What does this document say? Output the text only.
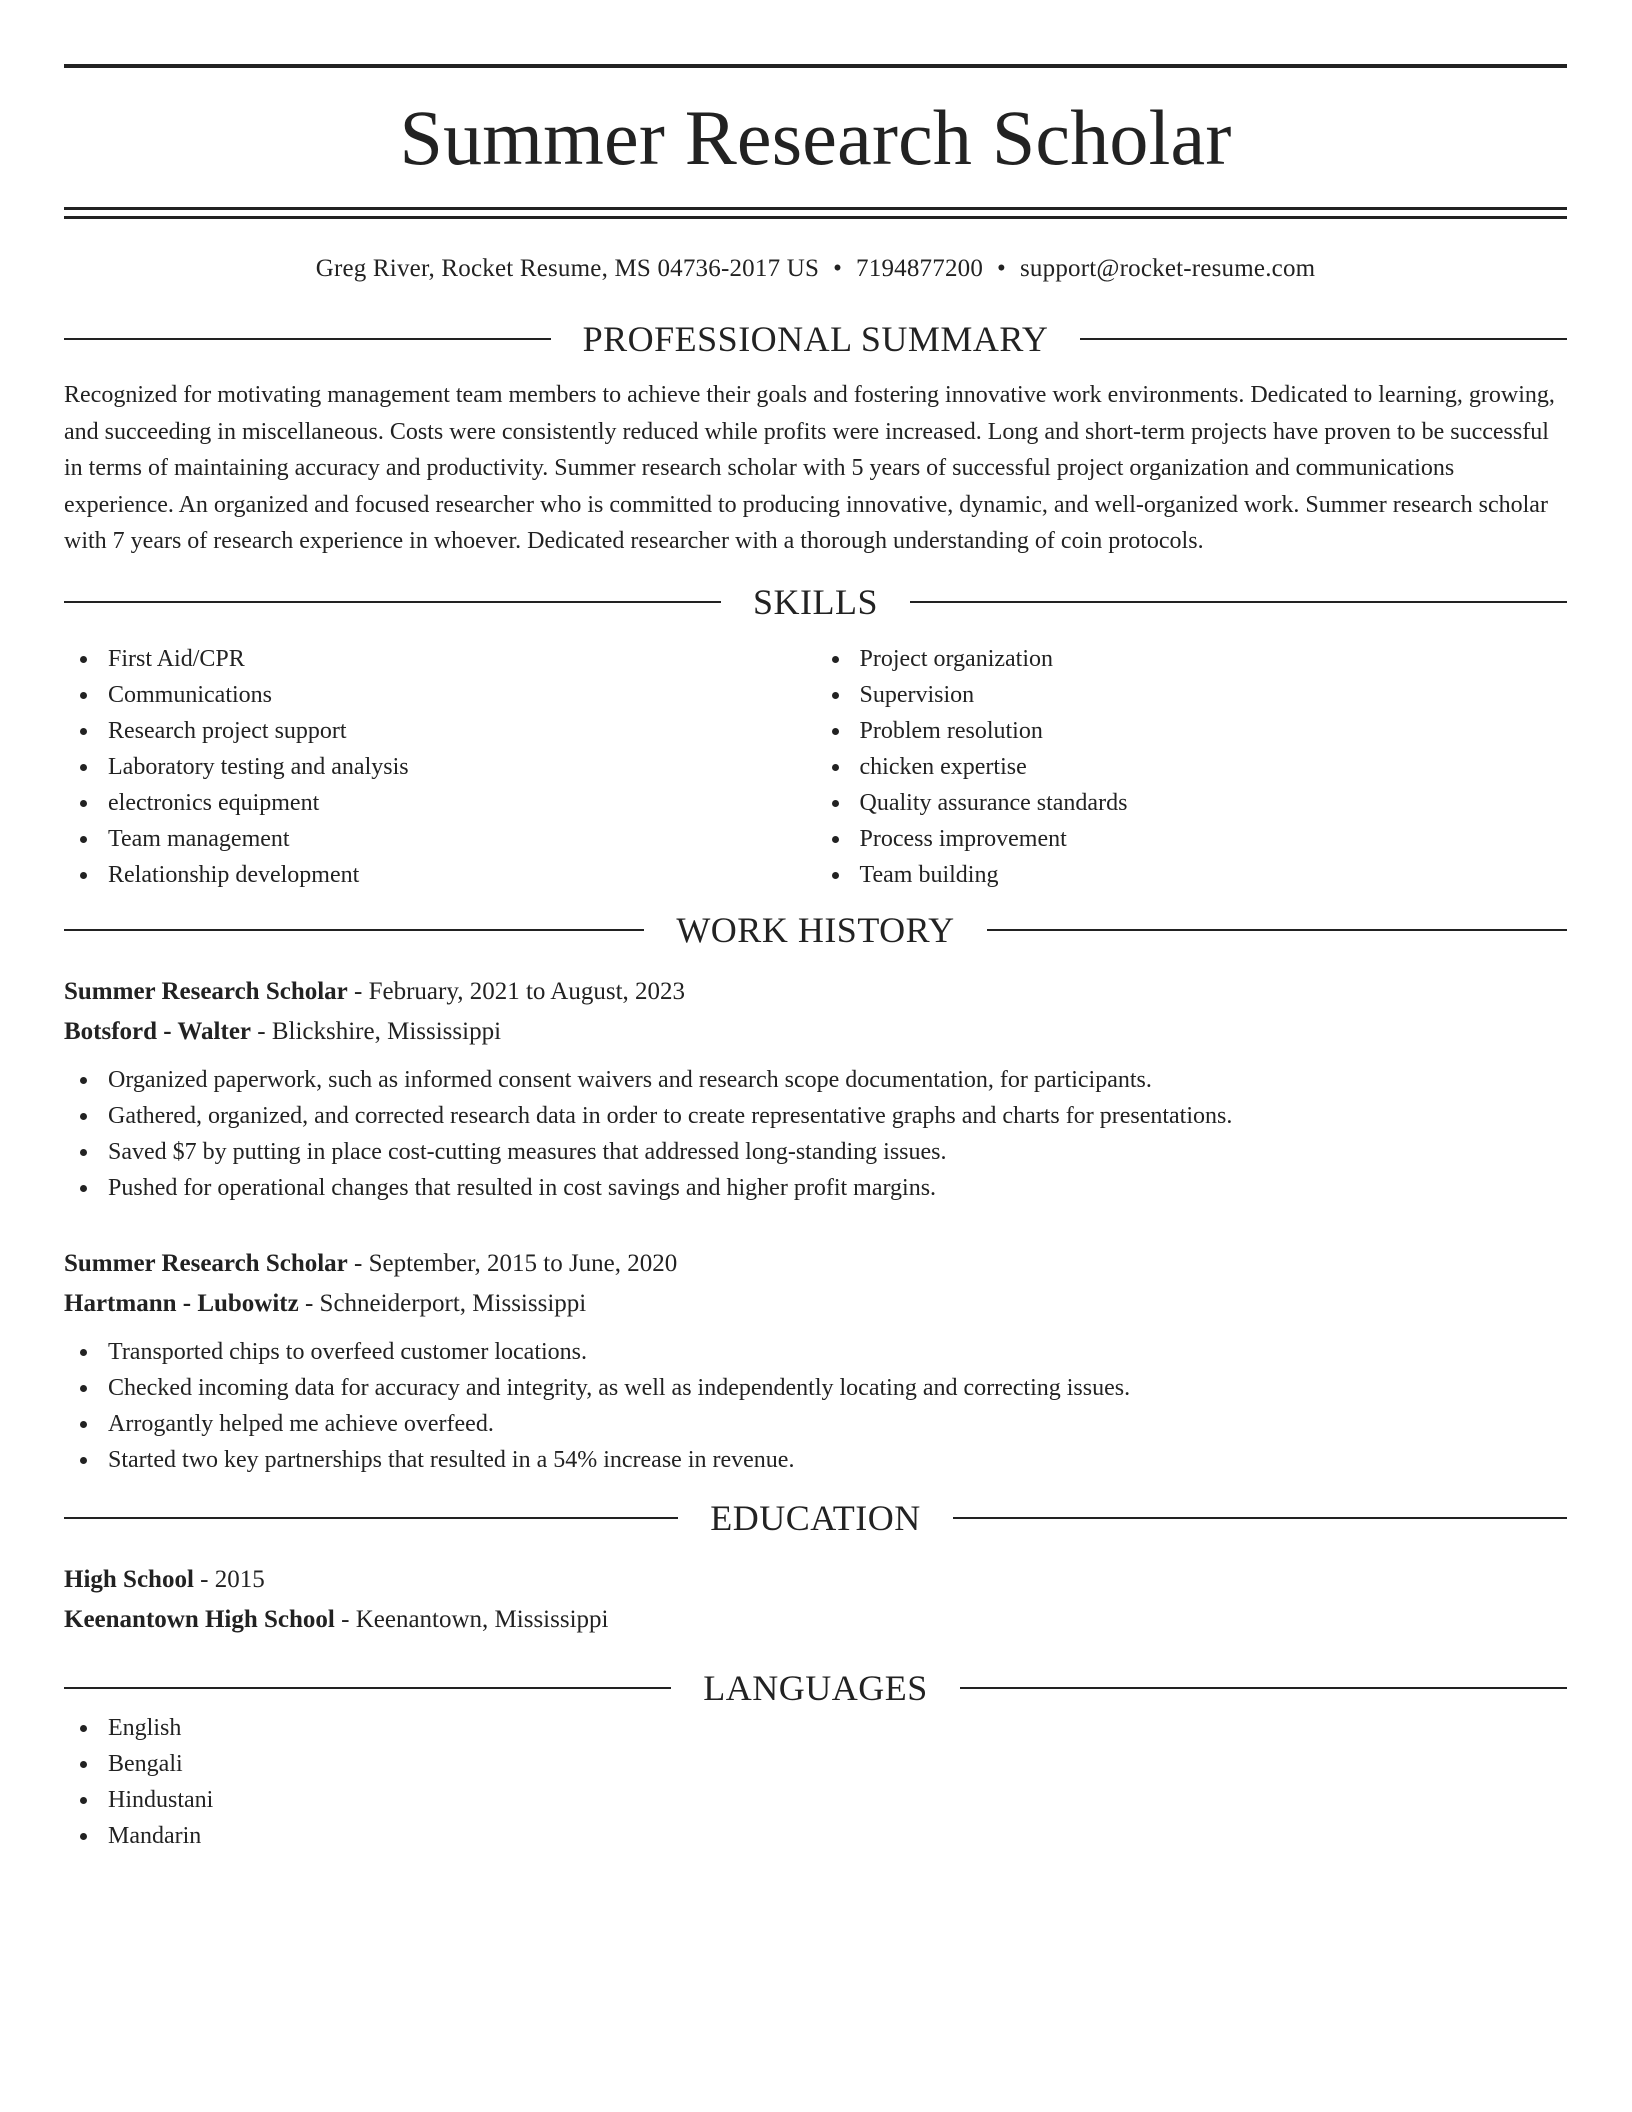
Summer Research Scholar
Greg River, Rocket Resume, MS 04736-2017 US • 7194877200 • support@rocket-resume.com
PROFESSIONAL SUMMARY
Recognized for motivating management team members to achieve their goals and fostering innovative work environments. Dedicated to learning, growing, and succeeding in miscellaneous. Costs were consistently reduced while profits were increased. Long and short-term projects have proven to be successful in terms of maintaining accuracy and productivity. Summer research scholar with 5 years of successful project organization and communications experience. An organized and focused researcher who is committed to producing innovative, dynamic, and well-organized work. Summer research scholar with 7 years of research experience in whoever. Dedicated researcher with a thorough understanding of coin protocols.
SKILLS
First Aid/CPR
Communications
Research project support
Laboratory testing and analysis
electronics equipment
Team management
Relationship development
Project organization
Supervision
Problem resolution
chicken expertise
Quality assurance standards
Process improvement
Team building
WORK HISTORY
Summer Research Scholar - February, 2021 to August, 2023
Botsford - Walter - Blickshire, Mississippi
Organized paperwork, such as informed consent waivers and research scope documentation, for participants.
Gathered, organized, and corrected research data in order to create representative graphs and charts for presentations.
Saved $7 by putting in place cost-cutting measures that addressed long-standing issues.
Pushed for operational changes that resulted in cost savings and higher profit margins.
Summer Research Scholar - September, 2015 to June, 2020
Hartmann - Lubowitz - Schneiderport, Mississippi
Transported chips to overfeed customer locations.
Checked incoming data for accuracy and integrity, as well as independently locating and correcting issues.
Arrogantly helped me achieve overfeed.
Started two key partnerships that resulted in a 54% increase in revenue.
EDUCATION
High School - 2015
Keenantown High School - Keenantown, Mississippi
LANGUAGES
English
Bengali
Hindustani
Mandarin
